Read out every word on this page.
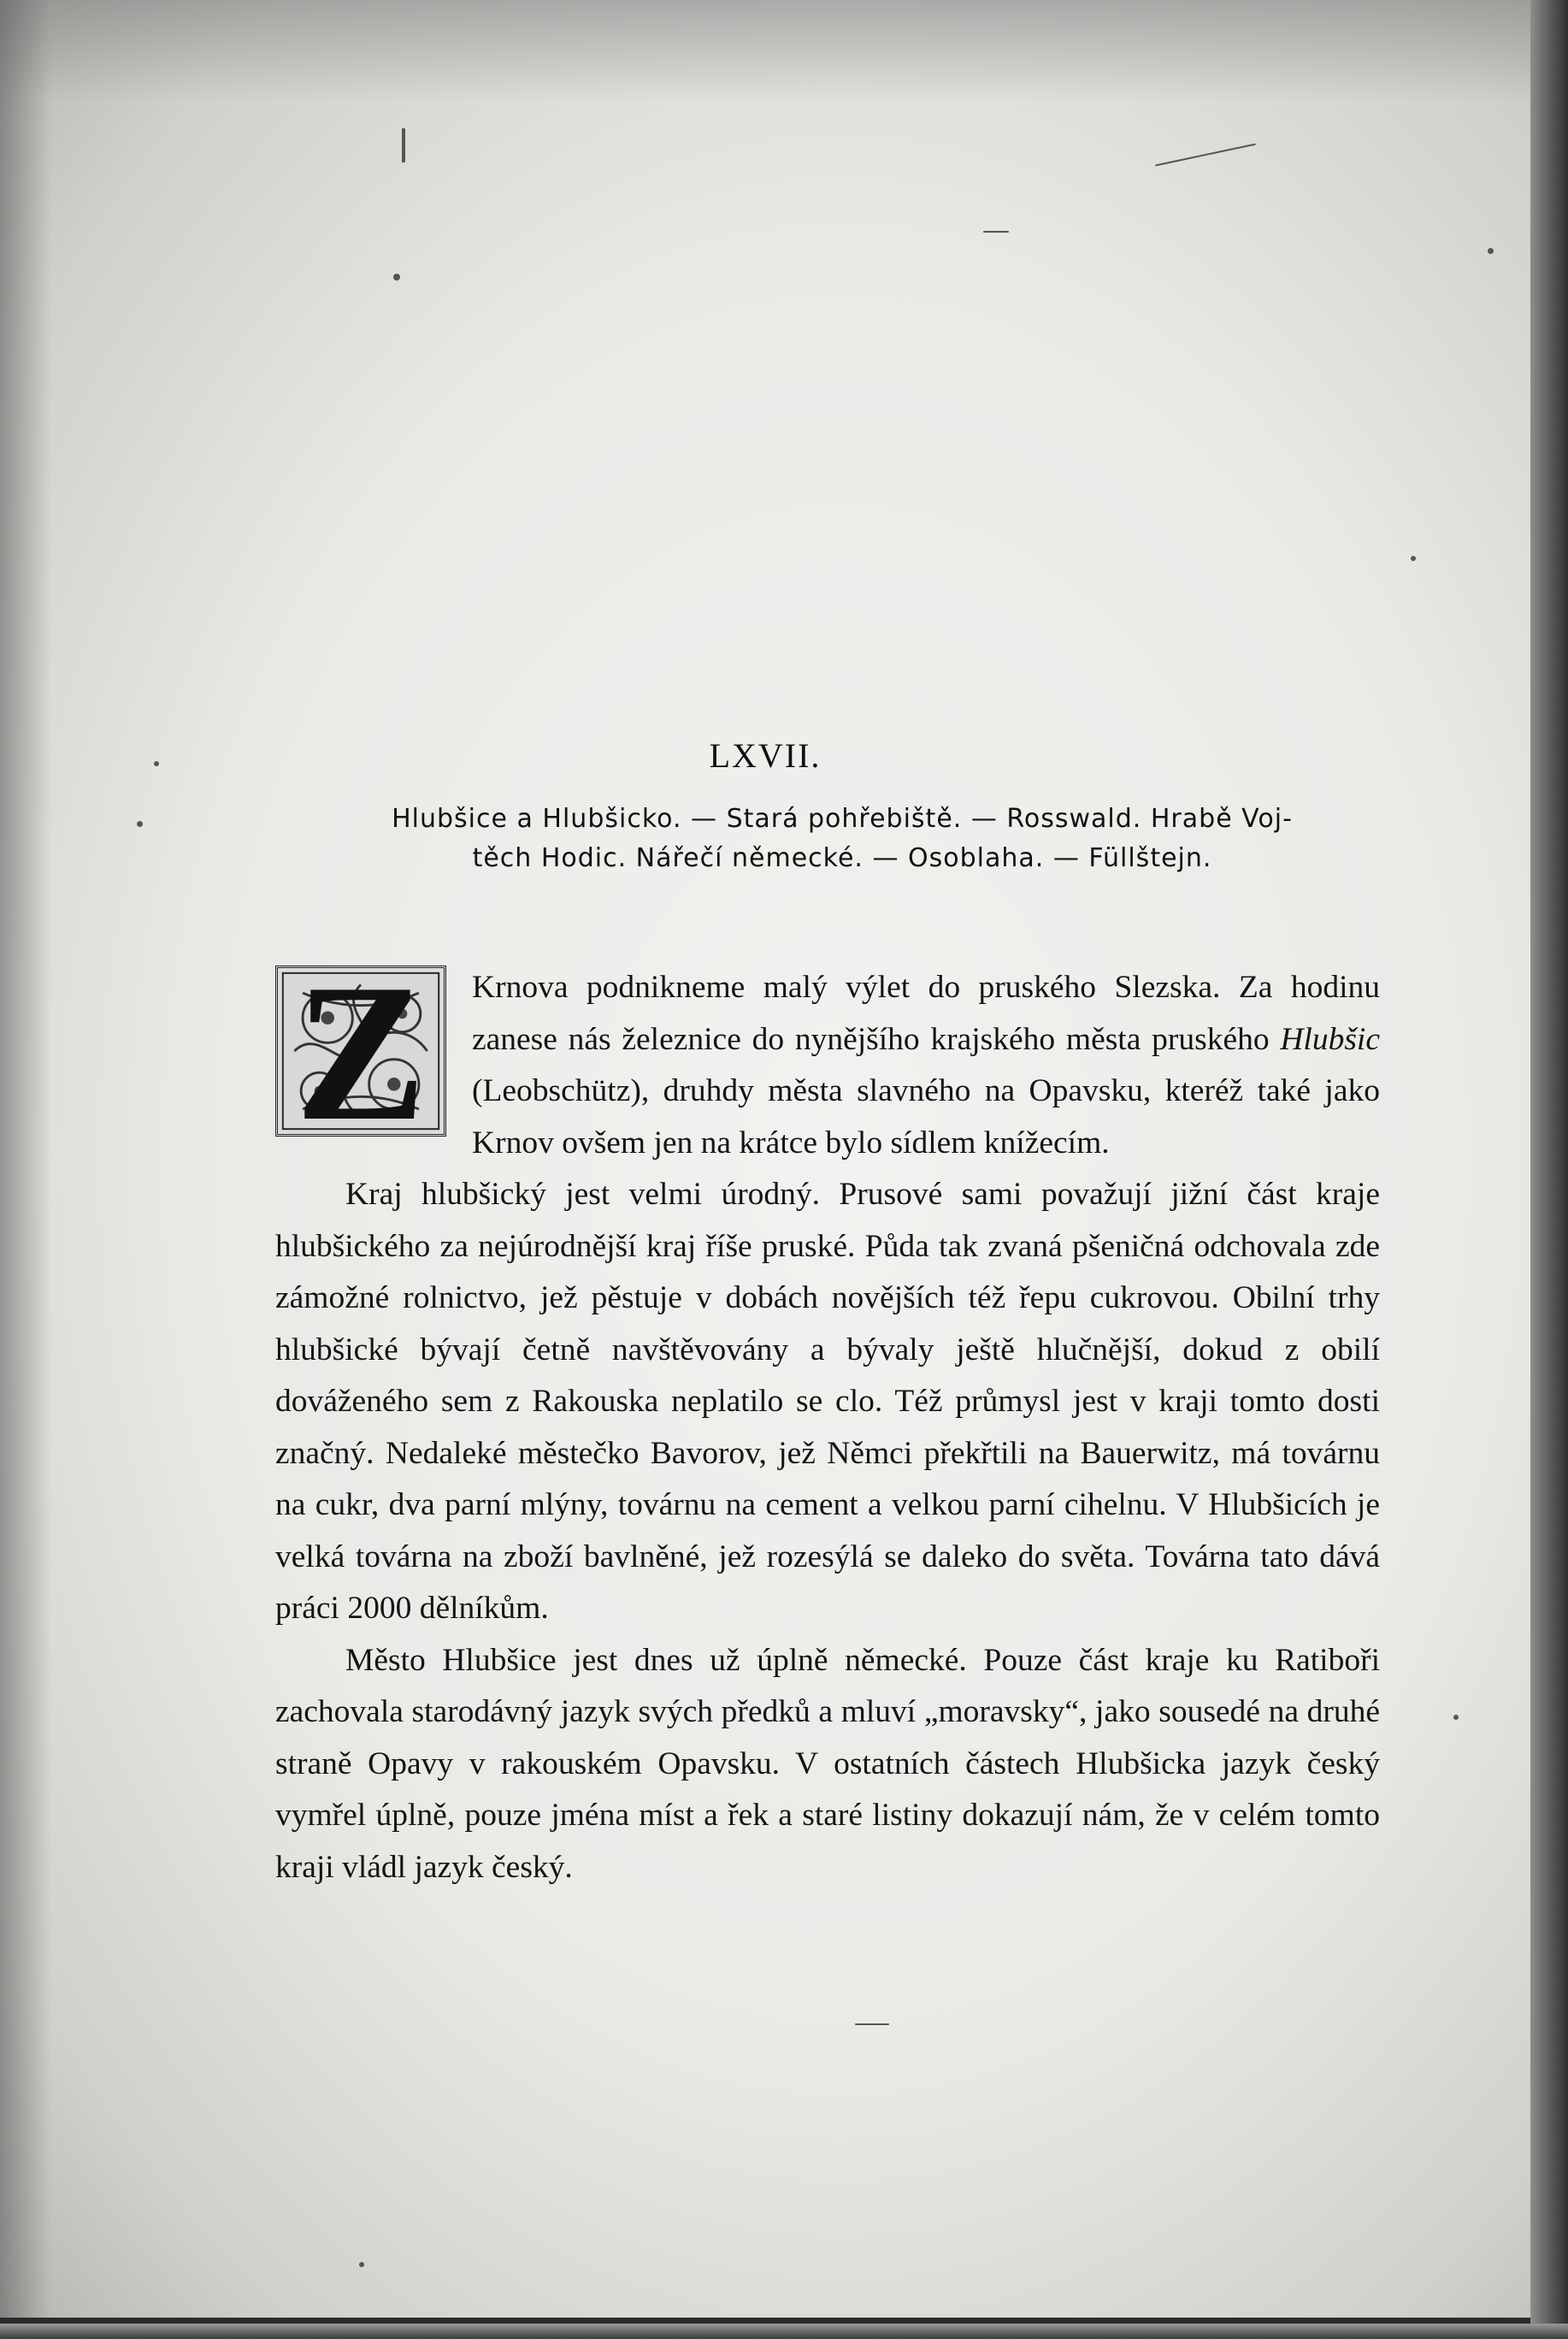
LXVII.
Hlubšice a Hlubšicko. — Stará pohřebiště. — Rosswald. Hrabě Voj-
těch Hodic. Nářečí německé. — Osoblaha. — Füllštejn.

Z	Krnova podnikneme malý výlet do pruského Slezska. Za hodinu zanese nás železnice do nynějšího krajského města pruského Hlubšic (Leobschütz), druhdy města slavného na Opavsku, kteréž také jako Krnov ovšem jen na krátce bylo sídlem knížecím.

Kraj hlubšický jest velmi úrodný. Prusové sami považují jižní část kraje hlubšického za nejúrodnější kraj říše pruské. Půda tak zvaná pšeničná odchovala zde zámožné rolnictvo, jež pěstuje v dobách novějších též řepu cukrovou. Obilní trhy hlubšické bývají četně navštěvovány a bývaly ještě hlučnější, dokud z obilí dováženého sem z Rakouska neplatilo se clo. Též průmysl jest v kraji tomto dosti značný. Nedaleké městečko Bavorov, jež Němci překřtili na Bauerwitz, má továrnu na cukr, dva parní mlýny, továrnu na cement a velkou parní cihelnu. V Hlubšicích je velká továrna na zboží bavlněné, jež rozesýlá se daleko do světa. Továrna tato dává práci 2000 dělníkům.

Město Hlubšice jest dnes už úplně německé. Pouze část kraje ku Ratiboři zachovala starodávný jazyk svých předků a mluví „moravsky“, jako sousedé na druhé straně Opavy v rakouském Opavsku. V ostatních částech Hlubšicka jazyk český vymřel úplně, pouze jména míst a řek a staré listiny dokazují nám, že v celém tomto kraji vládl jazyk český.
